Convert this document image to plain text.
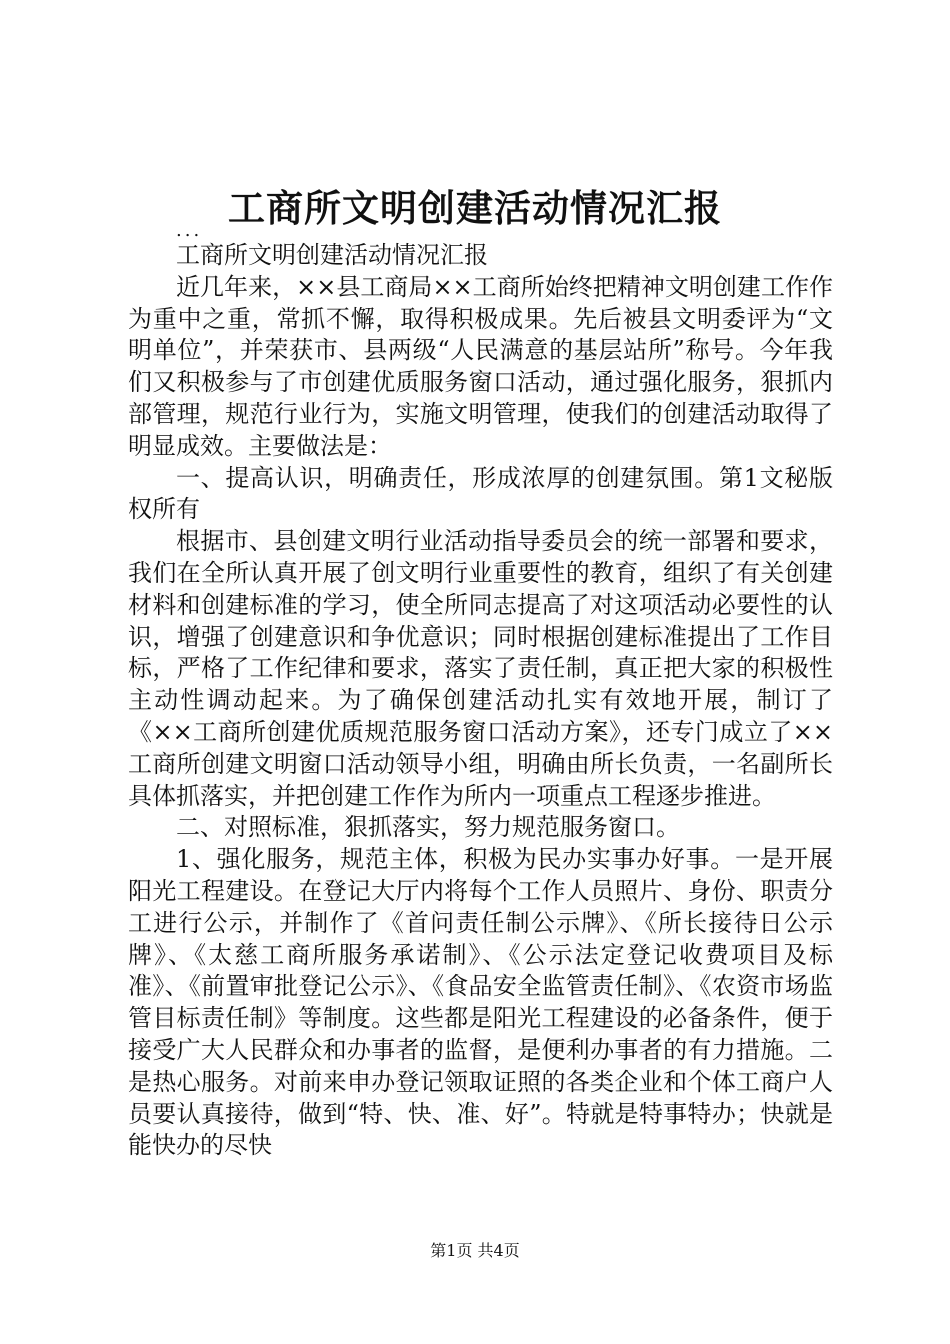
工商所文明创建活动情况汇报
...

工商所文明创建活动情况汇报

近几年来，××县工商局××工商所始终把精神文明创建工作作为重中之重，常抓不懈，取得积极成果。先后被县文明委评为“文明单位”，并荣获市、县两级“人民满意的基层站所”称号。今年我们又积极参与了市创建优质服务窗口活动，通过强化服务，狠抓内部管理，规范行业行为，实施文明管理，使我们的创建活动取得了明显成效。主要做法是：

一、提高认识，明确责任，形成浓厚的创建氛围。第1文秘版权所有

根据市、县创建文明行业活动指导委员会的统一部署和要求，我们在全所认真开展了创文明行业重要性的教育，组织了有关创建材料和创建标准的学习，使全所同志提高了对这项活动必要性的认识，增强了创建意识和争优意识；同时根据创建标准提出了工作目标，严格了工作纪律和要求，落实了责任制，真正把大家的积极性主动性调动起来。为了确保创建活动扎实有效地开展，制订了《××工商所创建优质规范服务窗口活动方案》，还专门成立了××工商所创建文明窗口活动领导小组，明确由所长负责，一名副所长具体抓落实，并把创建工作作为所内一项重点工程逐步推进。

二、对照标准，狠抓落实，努力规范服务窗口。

1、强化服务，规范主体，积极为民办实事办好事。一是开展阳光工程建设。在登记大厅内将每个工作人员照片、身份、职责分工进行公示，并制作了《首问责任制公示牌》、《所长接待日公示牌》、《太慈工商所服务承诺制》、《公示法定登记收费项目及标准》、《前置审批登记公示》、《食品安全监管责任制》、《农资市场监管目标责任制》等制度。这些都是阳光工程建设的必备条件，便于接受广大人民群众和办事者的监督，是便利办事者的有力措施。二是热心服务。对前来申办登记领取证照的各类企业和个体工商户人员要认真接待，做到“特、快、准、好”。特就是特事特办；快就是能快办的尽快

第1页 共4页
